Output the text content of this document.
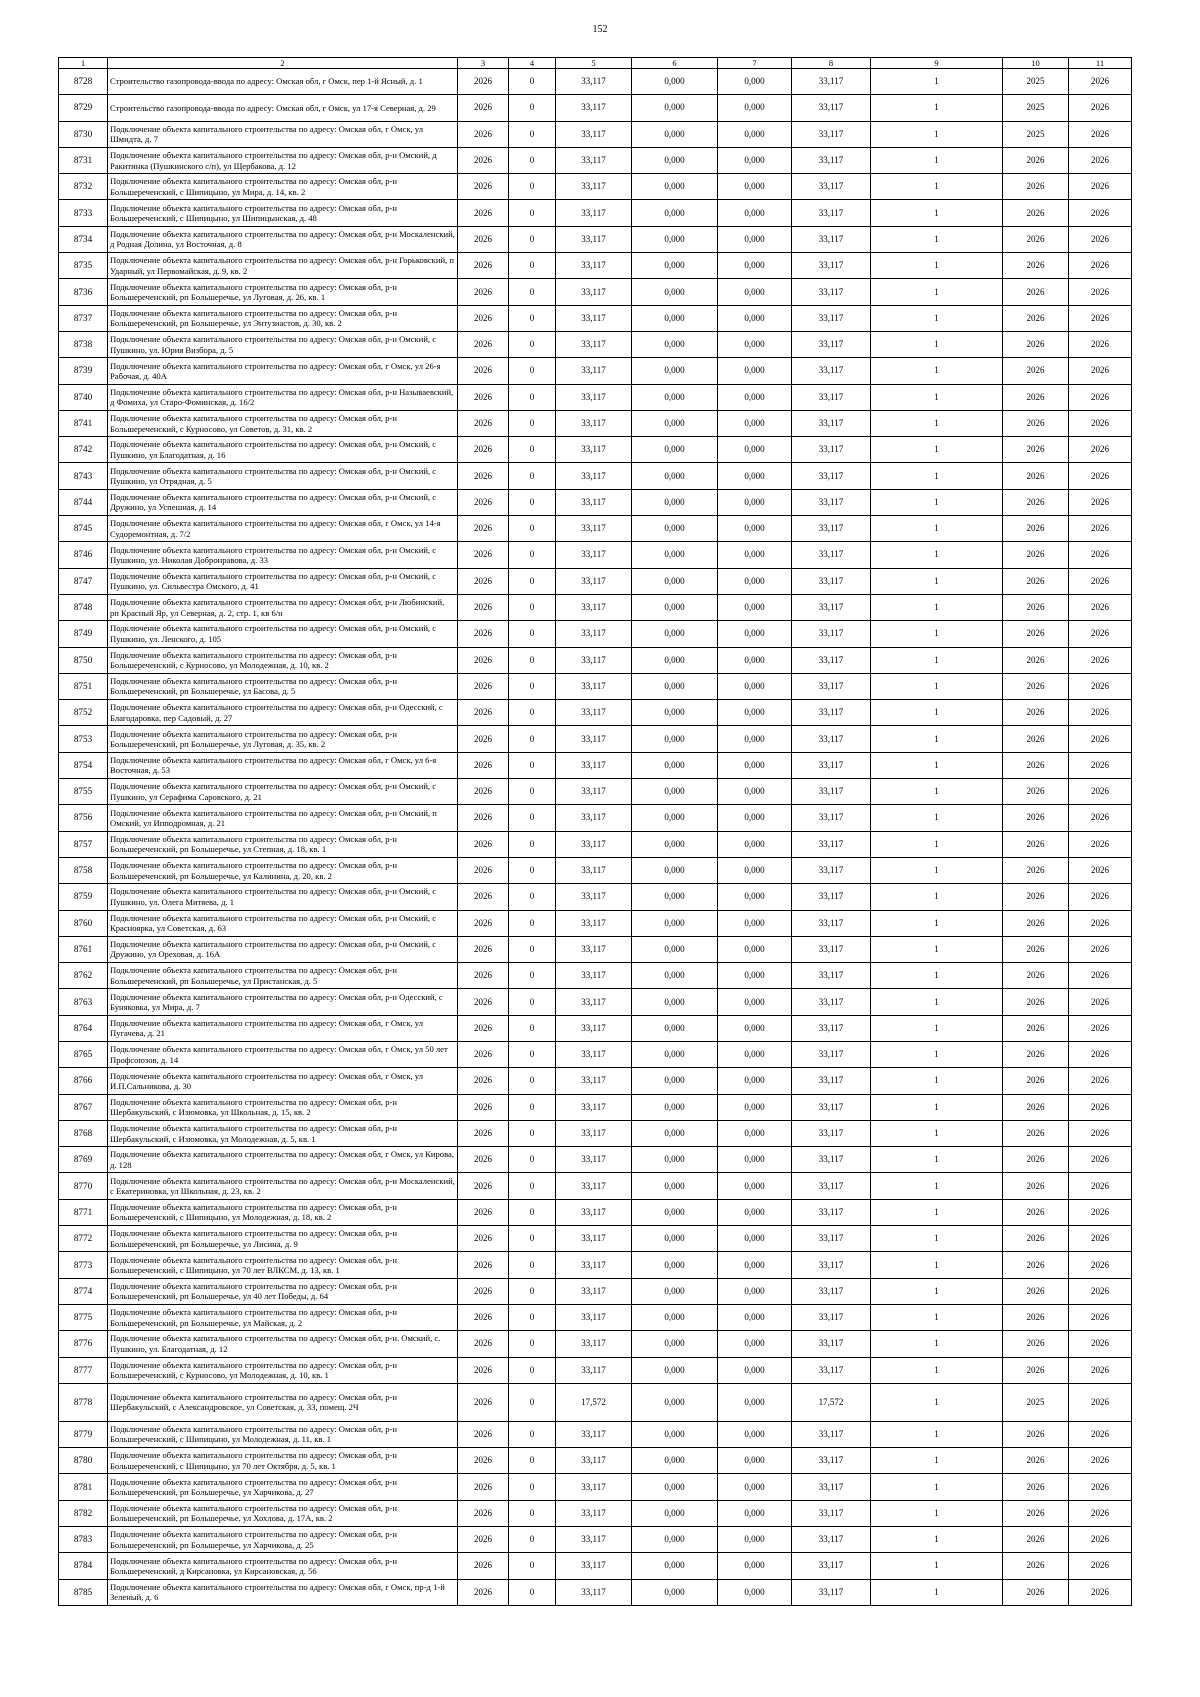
152
1	2	3	4	5	6	7	8	9	10	11
8728	Строительство газопровода-ввода по адресу: Омская обл, г Омск, пер 1-й Ясный, д. 1	2026	0	33,117	0,000	0,000	33,117	1	2025	2026
8729	Строительство газопровода-ввода по адресу: Омская обл, г Омск, ул 17-я Северная, д. 29	2026	0	33,117	0,000	0,000	33,117	1	2025	2026
8730	Подключение объекта капитального строительства по адресу: Омская обл, г Омск, ул Шмидта, д. 7	2026	0	33,117	0,000	0,000	33,117	1	2025	2026
8731	Подключение объекта капитального строительства по адресу: Омская обл, р-н Омский, д Ракитинка (Пушкинского с/п), ул Щербакова, д. 12	2026	0	33,117	0,000	0,000	33,117	1	2026	2026
8732	Подключение объекта капитального строительства по адресу: Омская обл, р-н Большереченский, с Шипицыно, ул Мира, д. 14, кв. 2	2026	0	33,117	0,000	0,000	33,117	1	2026	2026
8733	Подключение объекта капитального строительства по адресу: Омская обл, р-н Большереченский, с Шипицыно, ул Шипицынская, д. 48	2026	0	33,117	0,000	0,000	33,117	1	2026	2026
8734	Подключение объекта капитального строительства по адресу: Омская обл, р-н Москаленский, д Родная Долина, ул Восточная, д. 8	2026	0	33,117	0,000	0,000	33,117	1	2026	2026
8735	Подключение объекта капитального строительства по адресу: Омская обл, р-н Горьковский, п Ударный, ул Первомайская, д. 9, кв. 2	2026	0	33,117	0,000	0,000	33,117	1	2026	2026
8736	Подключение объекта капитального строительства по адресу: Омская обл, р-н Большереченский, рп Большеречье, ул Луговая, д. 26, кв. 1	2026	0	33,117	0,000	0,000	33,117	1	2026	2026
8737	Подключение объекта капитального строительства по адресу: Омская обл, р-н Большереченский, рп Большеречье, ул Энтузиастов, д. 30, кв. 2	2026	0	33,117	0,000	0,000	33,117	1	2026	2026
8738	Подключение объекта капитального строительства по адресу: Омская обл, р-н Омский, с Пушкино, ул. Юрия Визбора, д. 5	2026	0	33,117	0,000	0,000	33,117	1	2026	2026
8739	Подключение объекта капитального строительства по адресу: Омская обл, г Омск, ул 26-я Рабочая, д. 40А	2026	0	33,117	0,000	0,000	33,117	1	2026	2026
8740	Подключение объекта капитального строительства по адресу: Омская обл, р-н Называевский, д Фомиха, ул Старо-Фоминская, д. 16/2	2026	0	33,117	0,000	0,000	33,117	1	2026	2026
8741	Подключение объекта капитального строительства по адресу: Омская обл, р-н Большереченский, с Курносово, ул Советов, д. 31, кв. 2	2026	0	33,117	0,000	0,000	33,117	1	2026	2026
8742	Подключение объекта капитального строительства по адресу: Омская обл, р-н Омский, с Пушкино, ул Благодатная, д. 16	2026	0	33,117	0,000	0,000	33,117	1	2026	2026
8743	Подключение объекта капитального строительства по адресу: Омская обл, р-н Омский, с Пушкино, ул Отрядная, д. 5	2026	0	33,117	0,000	0,000	33,117	1	2026	2026
8744	Подключение объекта капитального строительства по адресу: Омская обл, р-н Омский, с Дружино, ул Успешная, д. 14	2026	0	33,117	0,000	0,000	33,117	1	2026	2026
8745	Подключение объекта капитального строительства по адресу: Омская обл, г Омск, ул 14-я Судоремонтная, д. 7/2	2026	0	33,117	0,000	0,000	33,117	1	2026	2026
8746	Подключение объекта капитального строительства по адресу: Омская обл, р-н Омский, с Пушкино, ул. Николая Добронравова, д. 33	2026	0	33,117	0,000	0,000	33,117	1	2026	2026
8747	Подключение объекта капитального строительства по адресу: Омская обл, р-н Омский, с Пушкино, ул. Сильвестра Омского, д. 41	2026	0	33,117	0,000	0,000	33,117	1	2026	2026
8748	Подключение объекта капитального строительства по адресу: Омская обл, р-н Любинский, рп Красный Яр, ул Северная, д. 2, стр. 1, кв 6/н	2026	0	33,117	0,000	0,000	33,117	1	2026	2026
8749	Подключение объекта капитального строительства по адресу: Омская обл, р-н Омский, с Пушкино, ул. Ленского, д. 105	2026	0	33,117	0,000	0,000	33,117	1	2026	2026
8750	Подключение объекта капитального строительства по адресу: Омская обл, р-н Большереченский, с Курносово, ул Молодежная, д. 10, кв. 2	2026	0	33,117	0,000	0,000	33,117	1	2026	2026
8751	Подключение объекта капитального строительства по адресу: Омская обл, р-н Большереченский, рп Большеречье, ул Басова, д. 5	2026	0	33,117	0,000	0,000	33,117	1	2026	2026
8752	Подключение объекта капитального строительства по адресу: Омская обл, р-н Одесский, с Благодаровка, пер Садовый, д. 27	2026	0	33,117	0,000	0,000	33,117	1	2026	2026
8753	Подключение объекта капитального строительства по адресу: Омская обл, р-н Большереченский, рп Большеречье, ул Луговая, д. 35, кв. 2	2026	0	33,117	0,000	0,000	33,117	1	2026	2026
8754	Подключение объекта капитального строительства по адресу: Омская обл, г Омск, ул 6-я Восточная, д. 53	2026	0	33,117	0,000	0,000	33,117	1	2026	2026
8755	Подключение объекта капитального строительства по адресу: Омская обл, р-н Омский, с Пушкино, ул Серафима Саровского, д. 21	2026	0	33,117	0,000	0,000	33,117	1	2026	2026
8756	Подключение объекта капитального строительства по адресу: Омская обл, р-н Омский, п Омский, ул Ипподромная, д. 21	2026	0	33,117	0,000	0,000	33,117	1	2026	2026
8757	Подключение объекта капитального строительства по адресу: Омская обл, р-н Большереченский, рп Большеречье, ул Степная, д. 18, кв. 1	2026	0	33,117	0,000	0,000	33,117	1	2026	2026
8758	Подключение объекта капитального строительства по адресу: Омская обл, р-н Большереченский, рп Большеречье, ул Калинина, д. 20, кв. 2	2026	0	33,117	0,000	0,000	33,117	1	2026	2026
8759	Подключение объекта капитального строительства по адресу: Омская обл, р-н Омский, с Пушкино, ул. Олега Митяева, д. 1	2026	0	33,117	0,000	0,000	33,117	1	2026	2026
8760	Подключение объекта капитального строительства по адресу: Омская обл, р-н Омский, с Красноярка, ул Советская, д. 63	2026	0	33,117	0,000	0,000	33,117	1	2026	2026
8761	Подключение объекта капитального строительства по адресу: Омская обл, р-н Омский, с Дружино, ул Ореховая, д. 16А	2026	0	33,117	0,000	0,000	33,117	1	2026	2026
8762	Подключение объекта капитального строительства по адресу: Омская обл, р-н Большереченский, рп Большеречье, ул Пристанская, д. 5	2026	0	33,117	0,000	0,000	33,117	1	2026	2026
8763	Подключение объекта капитального строительства по адресу: Омская обл, р-н Одесский, с Буняковка, ул Мира, д. 7	2026	0	33,117	0,000	0,000	33,117	1	2026	2026
8764	Подключение объекта капитального строительства по адресу: Омская обл, г Омск, ул Пугачева, д. 21	2026	0	33,117	0,000	0,000	33,117	1	2026	2026
8765	Подключение объекта капитального строительства по адресу: Омская обл, г Омск, ул 50 лет Профсоюзов, д. 14	2026	0	33,117	0,000	0,000	33,117	1	2026	2026
8766	Подключение объекта капитального строительства по адресу: Омская обл, г Омск, ул И.П.Сальникова, д. 30	2026	0	33,117	0,000	0,000	33,117	1	2026	2026
8767	Подключение объекта капитального строительства по адресу: Омская обл, р-н Шербакульский, с Изюмовка, ул Школьная, д. 15, кв. 2	2026	0	33,117	0,000	0,000	33,117	1	2026	2026
8768	Подключение объекта капитального строительства по адресу: Омская обл, р-н Шербакульский, с Изюмовка, ул Молодежная, д. 5, кв. 1	2026	0	33,117	0,000	0,000	33,117	1	2026	2026
8769	Подключение объекта капитального строительства по адресу: Омская обл, г Омск, ул Кирова, д. 128	2026	0	33,117	0,000	0,000	33,117	1	2026	2026
8770	Подключение объекта капитального строительства по адресу: Омская обл, р-н Москаленский, с Екатериновка, ул Школьная, д. 23, кв. 2	2026	0	33,117	0,000	0,000	33,117	1	2026	2026
8771	Подключение объекта капитального строительства по адресу: Омская обл, р-н Большереченский, с Шипицыно, ул Молодежная, д. 18, кв. 2	2026	0	33,117	0,000	0,000	33,117	1	2026	2026
8772	Подключение объекта капитального строительства по адресу: Омская обл, р-н Большереченский, рп Большеречье, ул Лисина, д. 9	2026	0	33,117	0,000	0,000	33,117	1	2026	2026
8773	Подключение объекта капитального строительства по адресу: Омская обл, р-н Большереченский, с Шипицыно, ул 70 лет ВЛКСМ, д. 13, кв. 1	2026	0	33,117	0,000	0,000	33,117	1	2026	2026
8774	Подключение объекта капитального строительства по адресу: Омская обл, р-н Большереченский, рп Большеречье, ул 40 лет Победы, д. 64	2026	0	33,117	0,000	0,000	33,117	1	2026	2026
8775	Подключение объекта капитального строительства по адресу: Омская обл, р-н Большереченский, рп Большеречье, ул Майская, д. 2	2026	0	33,117	0,000	0,000	33,117	1	2026	2026
8776	Подключение объекта капитального строительства по адресу: Омская обл, р-н. Омский, с. Пушкино, ул. Благодатная, д. 12	2026	0	33,117	0,000	0,000	33,117	1	2026	2026
8777	Подключение объекта капитального строительства по адресу: Омская обл, р-н Большереченский, с Курносово, ул Молодежная, д. 10, кв. 1	2026	0	33,117	0,000	0,000	33,117	1	2026	2026
8778	Подключение объекта капитального строительства по адресу: Омская обл, р-н Шербакульский, с Александровское, ул Советская, д. 33, помещ. 2Ч	2026	0	17,572	0,000	0,000	17,572	1	2025	2026
8779	Подключение объекта капитального строительства по адресу: Омская обл, р-н Большереченский, с Шипицыно, ул Молодежная, д. 11, кв. 1	2026	0	33,117	0,000	0,000	33,117	1	2026	2026
8780	Подключение объекта капитального строительства по адресу: Омская обл, р-н Большереченский, с Шипицыно, ул 70 лет Октября, д. 5, кв. 1	2026	0	33,117	0,000	0,000	33,117	1	2026	2026
8781	Подключение объекта капитального строительства по адресу: Омская обл, р-н Большереченский, рп Большеречье, ул Харчикова, д. 27	2026	0	33,117	0,000	0,000	33,117	1	2026	2026
8782	Подключение объекта капитального строительства по адресу: Омская обл, р-н Большереченский, рп Большеречье, ул Хохлова, д. 17А, кв. 2	2026	0	33,117	0,000	0,000	33,117	1	2026	2026
8783	Подключение объекта капитального строительства по адресу: Омская обл, р-н Большереченский, рп Большеречье, ул Харчикова, д. 25	2026	0	33,117	0,000	0,000	33,117	1	2026	2026
8784	Подключение объекта капитального строительства по адресу: Омская обл, р-н Большереченский, д Кирсановка, ул Кирсановская, д. 56	2026	0	33,117	0,000	0,000	33,117	1	2026	2026
8785	Подключение объекта капитального строительства по адресу: Омская обл, г Омск, пр-д 1-й Зеленый, д. 6	2026	0	33,117	0,000	0,000	33,117	1	2026	2026
